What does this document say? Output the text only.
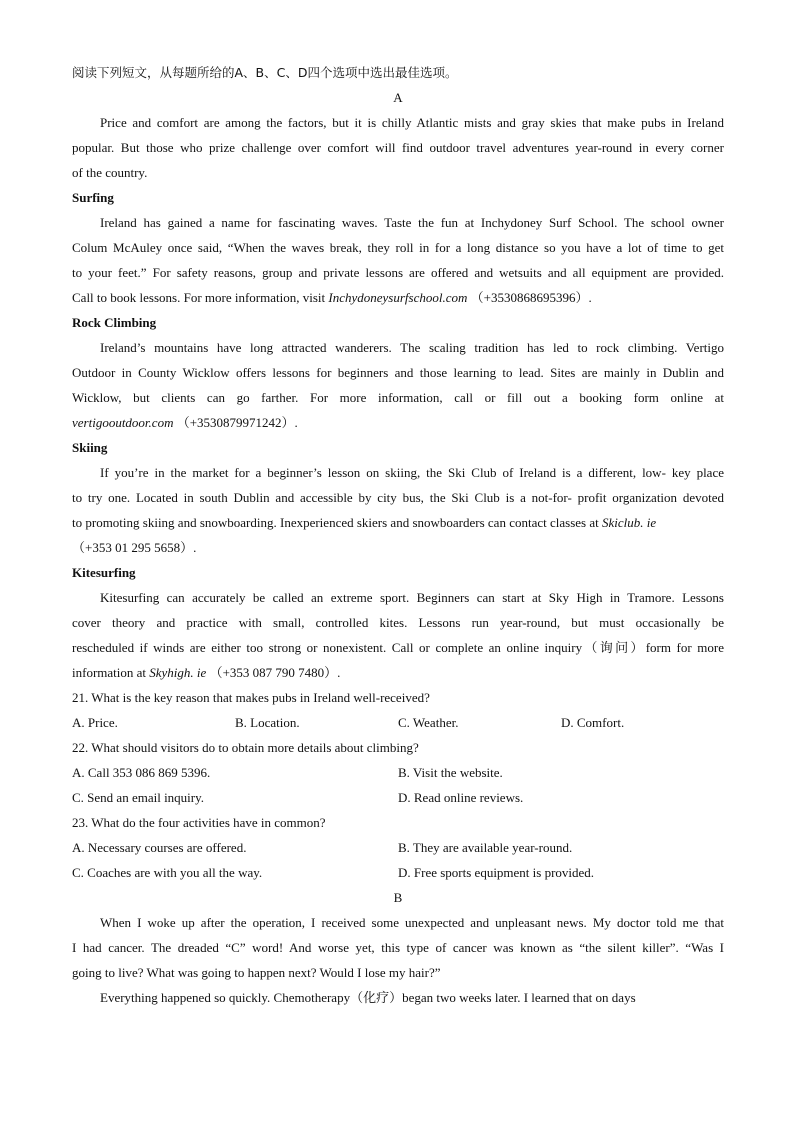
阅读下列短文，从每题所给的A、B、C、D四个选项中选出最佳选项。
A
Price and comfort are among the factors, but it is chilly Atlantic mists and gray skies that make pubs in Ireland
popular. But those who prize challenge over comfort will find outdoor travel adventures year-round in every corner
of the country.
Surfing
Ireland has gained a name for fascinating waves. Taste the fun at Inchydoney Surf School. The school owner
Colum McAuley once said, “When the waves break, they roll in for a long distance so you have a lot of time to get
to your feet.” For safety reasons, group and private lessons are offered and wetsuits and all equipment are provided.
Call to book lessons. For more information, visit Inchydoneysurfschool.com （+3530868695396）.
Rock Climbing
Ireland’s mountains have long attracted wanderers. The scaling tradition has led to rock climbing. Vertigo
Outdoor in County Wicklow offers lessons for beginners and those learning to lead. Sites are mainly in Dublin and
Wicklow, but clients can go farther. For more information, call or fill out a booking form online at
vertigooutdoor.com （+3530879971242）.
Skiing
If you’re in the market for a beginner’s lesson on skiing, the Ski Club of Ireland is a different, low- key place
to try one. Located in south Dublin and accessible by city bus, the Ski Club is a not-for- profit organization devoted
to promoting skiing and snowboarding. Inexperienced skiers and snowboarders can contact classes at Skiclub. ie
（+353 01 295 5658）.
Kitesurfing
Kitesurfing can accurately be called an extreme sport. Beginners can start at Sky High in Tramore. Lessons
cover theory and practice with small, controlled kites. Lessons run year-round, but must occasionally be
rescheduled if winds are either too strong or nonexistent. Call or complete an online inquiry（询问）form for more
information at Skyhigh. ie （+353 087 790 7480）.
21. What is the key reason that makes pubs in Ireland well-received?
A. Price.	B. Location.	C. Weather.	D. Comfort.
22. What should visitors do to obtain more details about climbing?
A. Call 353 086 869 5396.	B. Visit the website.
C. Send an email inquiry.	D. Read online reviews.
23. What do the four activities have in common?
A. Necessary courses are offered.	B. They are available year-round.
C. Coaches are with you all the way.	D. Free sports equipment is provided.
B
When I woke up after the operation, I received some unexpected and unpleasant news. My doctor told me that
I had cancer. The dreaded “C” word! And worse yet, this type of cancer was known as “the silent killer”. “Was I
going to live? What was going to happen next? Would I lose my hair?”
Everything happened so quickly. Chemotherapy（化疗）began two weeks later. I learned that on days
